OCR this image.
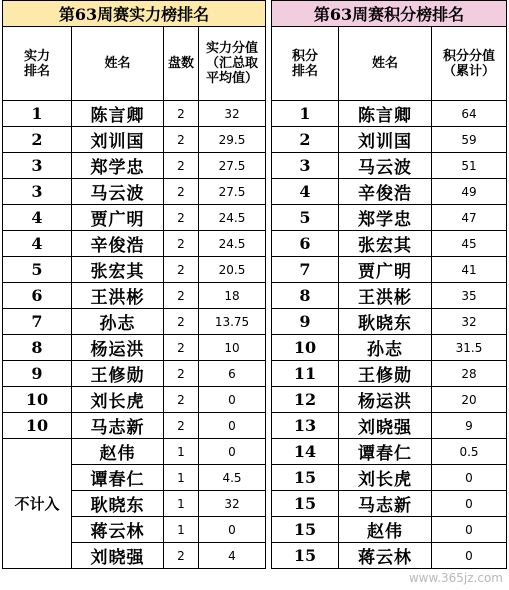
第63周赛实力榜排名			
实力
排名	姓名	盘数	实力分值
（汇总取
平均值）
1	陈言卿	2	32
2	刘训国	2	29.5
3	郑学忠	2	27.5
3	马云波	2	27.5
4	贾广明	2	24.5
4	辛俊浩	2	24.5
5	张宏其	2	20.5
6	王洪彬	2	18
7	孙志	2	13.75
8	杨运洪	2	10
9	王修勋	2	6
10	刘长虎	2	0
10	马志新	2	0
不计入	赵伟	1	0
	谭春仁	1	4.5
	耿晓东	1	32
	蒋云林	1	0
	刘晓强	2	4
第63周赛积分榜排名		
积分
排名	姓名	积分分值
（累计）
1	陈言卿	64
2	刘训国	59
3	马云波	51
4	辛俊浩	49
5	郑学忠	47
6	张宏其	45
7	贾广明	41
8	王洪彬	35
9	耿晓东	32
10	孙志	31.5
11	王修勋	28
12	杨运洪	20
13	刘晓强	9
14	谭春仁	0.5
15	刘长虎	0
15	马志新	0
15	赵伟	0
15	蒋云林	0
www.365jz.com
